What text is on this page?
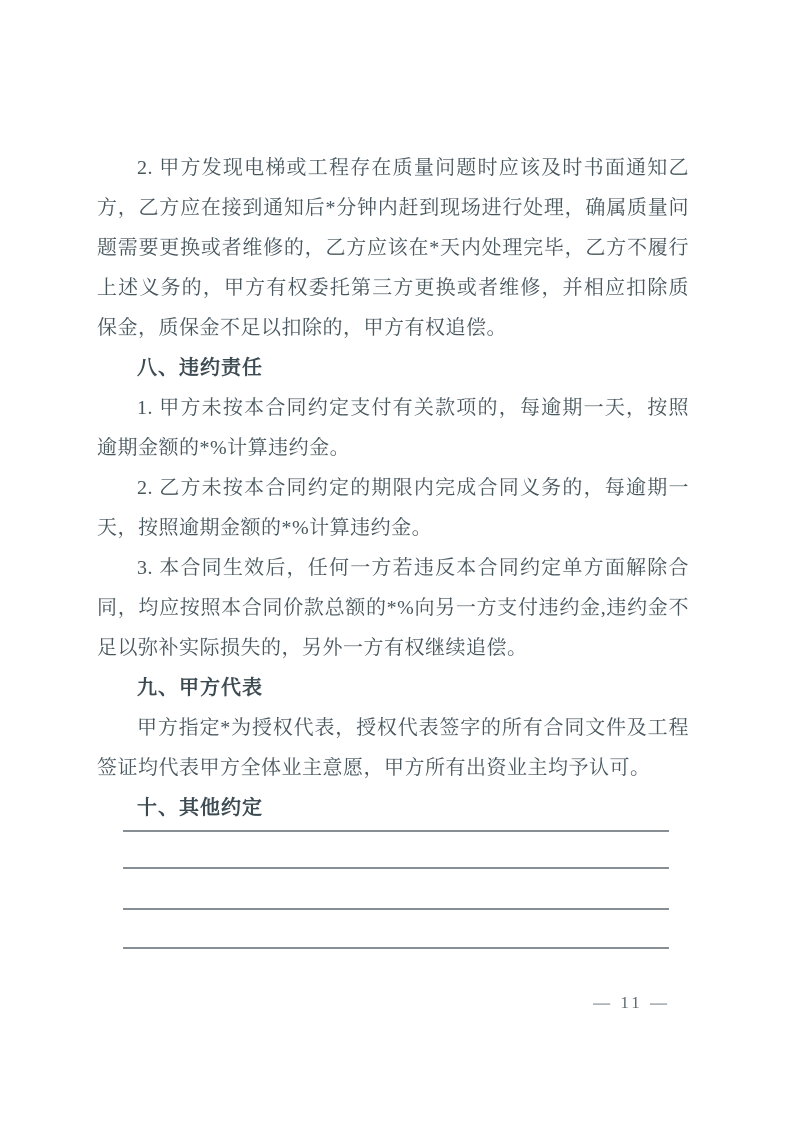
2. 甲方发现电梯或工程存在质量问题时应该及时书面通知乙方，乙方应在接到通知后*分钟内赶到现场进行处理，确属质量问题需要更换或者维修的，乙方应该在*天内处理完毕，乙方不履行上述义务的，甲方有权委托第三方更换或者维修，并相应扣除质保金，质保金不足以扣除的，甲方有权追偿。

八、违约责任

1. 甲方未按本合同约定支付有关款项的，每逾期一天，按照逾期金额的*%计算违约金。

2. 乙方未按本合同约定的期限内完成合同义务的，每逾期一天，按照逾期金额的*%计算违约金。

3. 本合同生效后，任何一方若违反本合同约定单方面解除合同，均应按照本合同价款总额的*%向另一方支付违约金,违约金不足以弥补实际损失的，另外一方有权继续追偿。

九、甲方代表

甲方指定*为授权代表，授权代表签字的所有合同文件及工程签证均代表甲方全体业主意愿，甲方所有出资业主均予认可。

十、其他约定
— 11 —
